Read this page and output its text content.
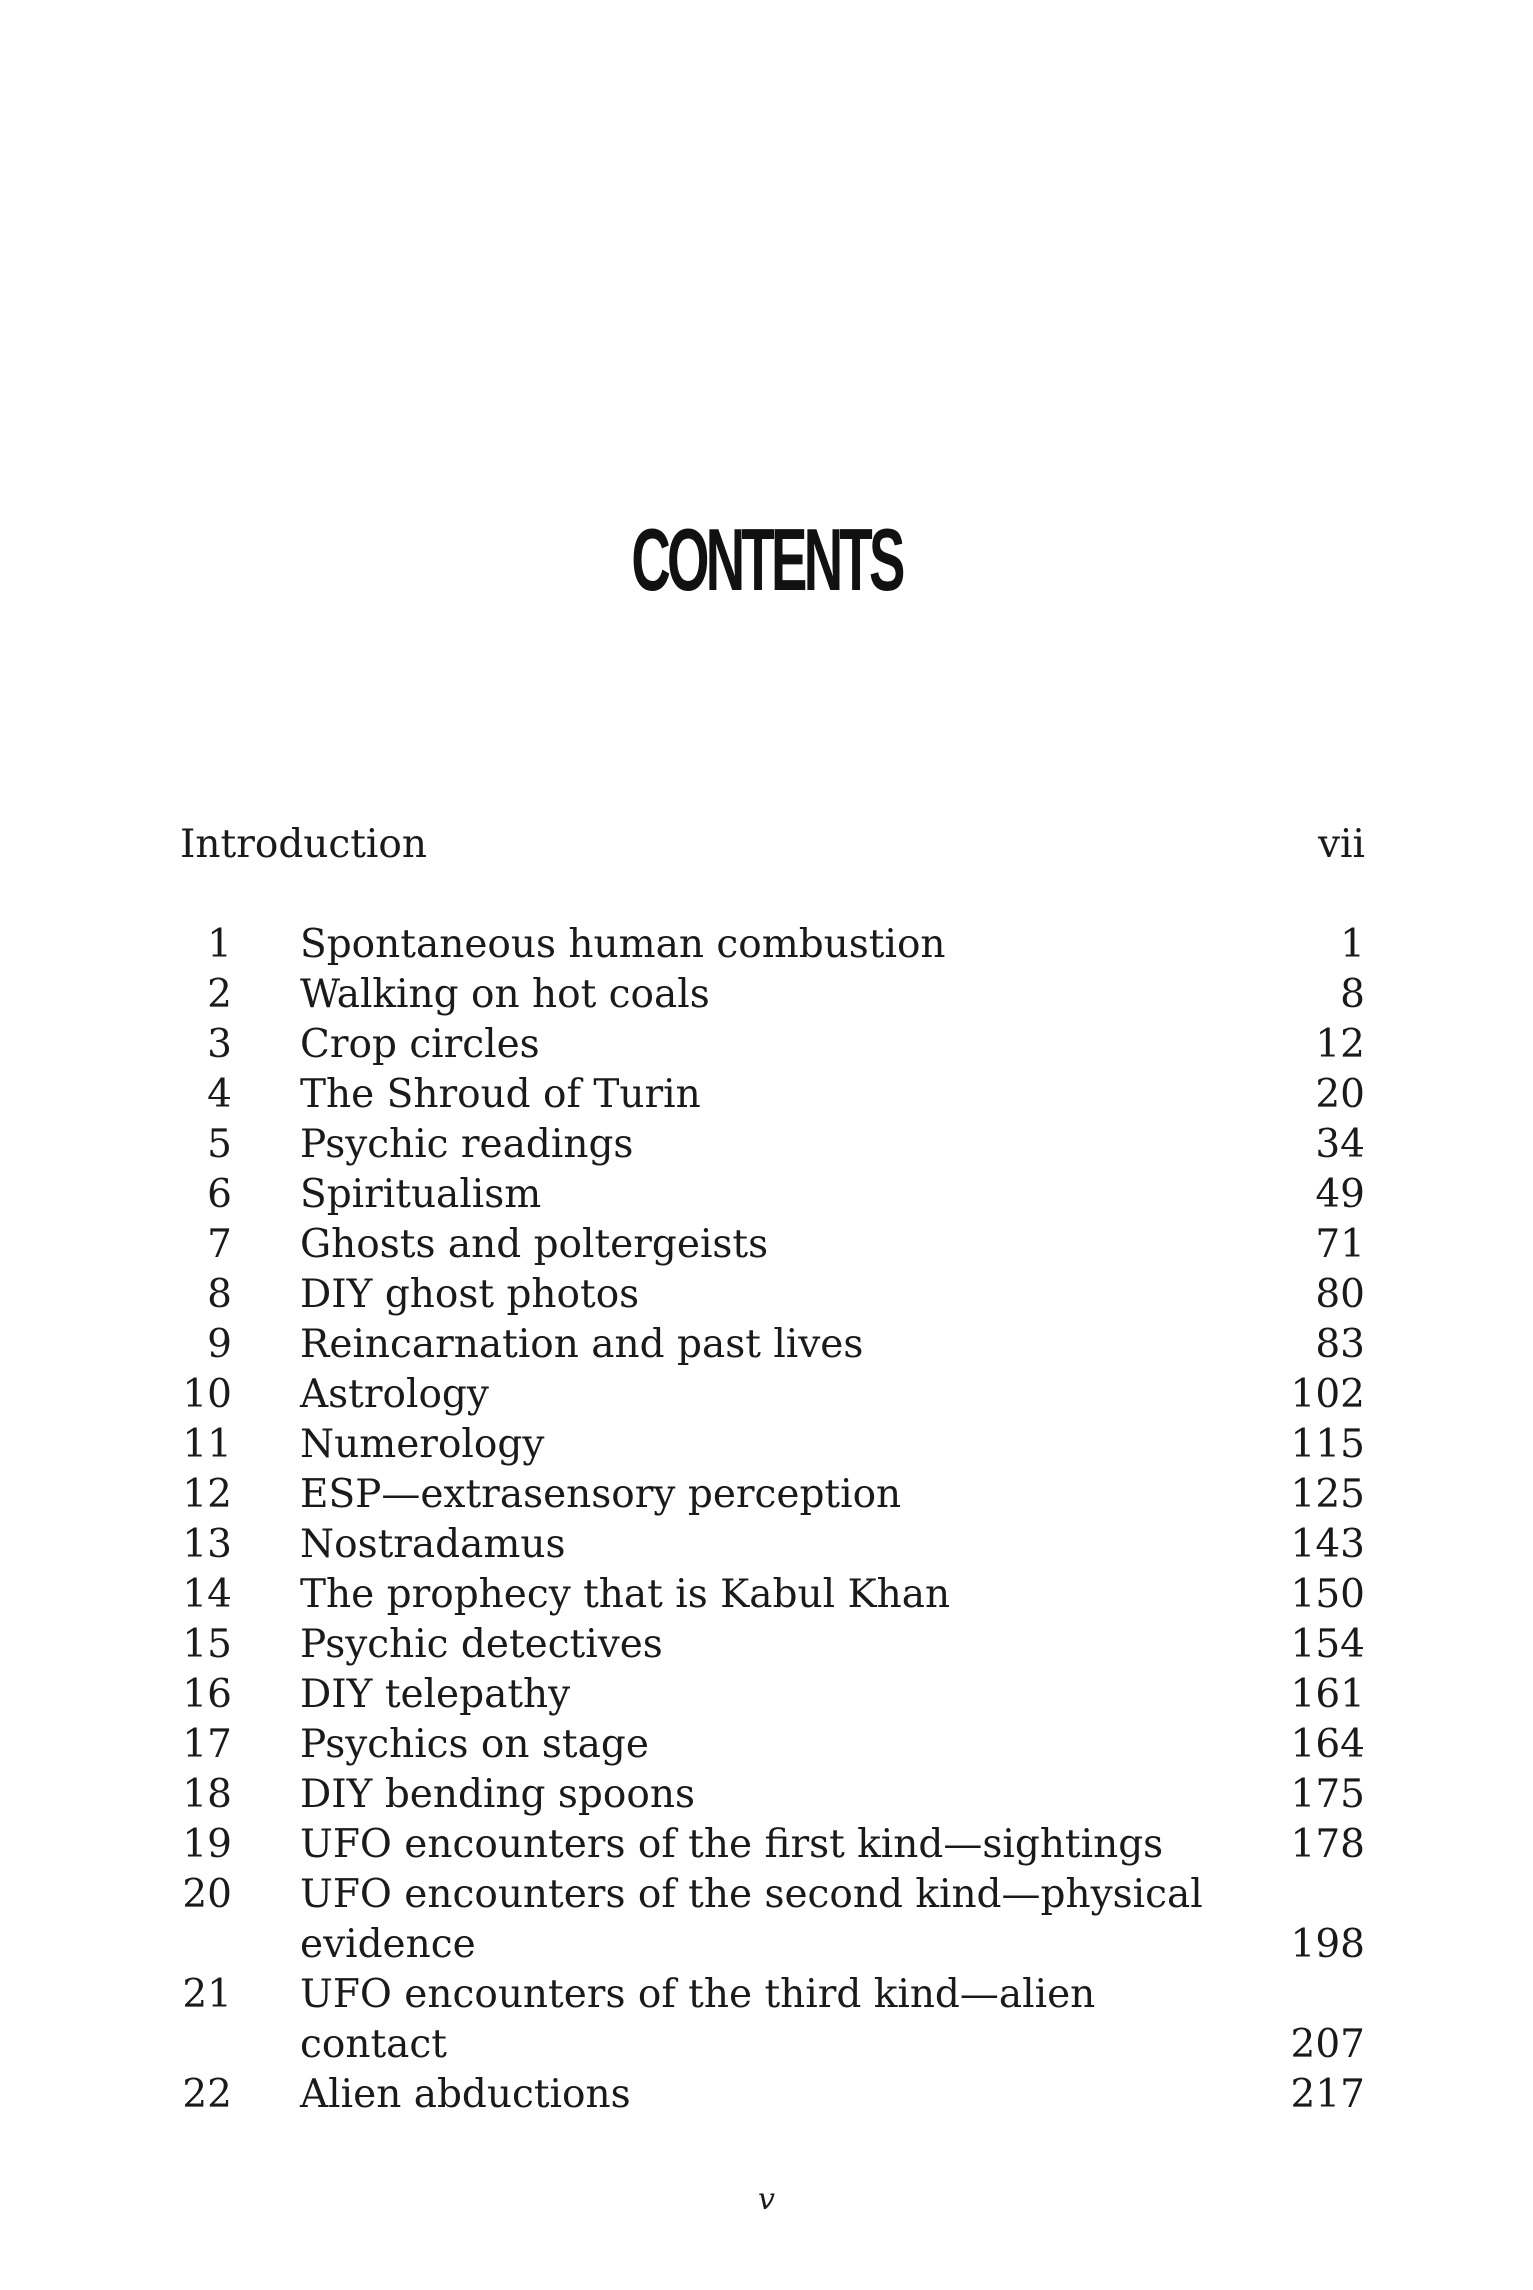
CONTENTS
Introduction	vii
1 Spontaneous human combustion	1
2 Walking on hot coals	8
3 Crop circles	12
4 The Shroud of Turin	20
5 Psychic readings	34
6 Spiritualism	49
7 Ghosts and poltergeists	71
8 DIY ghost photos	80
9 Reincarnation and past lives	83
10 Astrology	102
11 Numerology	115
12 ESP—extrasensory perception	125
13 Nostradamus	143
14 The prophecy that is Kabul Khan	150
15 Psychic detectives	154
16 DIY telepathy	161
17 Psychics on stage	164
18 DIY bending spoons	175
19 UFO encounters of the first kind—sightings	178
20 UFO encounters of the second kind—physical evidence	198
21 UFO encounters of the third kind—alien contact	207
22 Alien abductions	217
v
